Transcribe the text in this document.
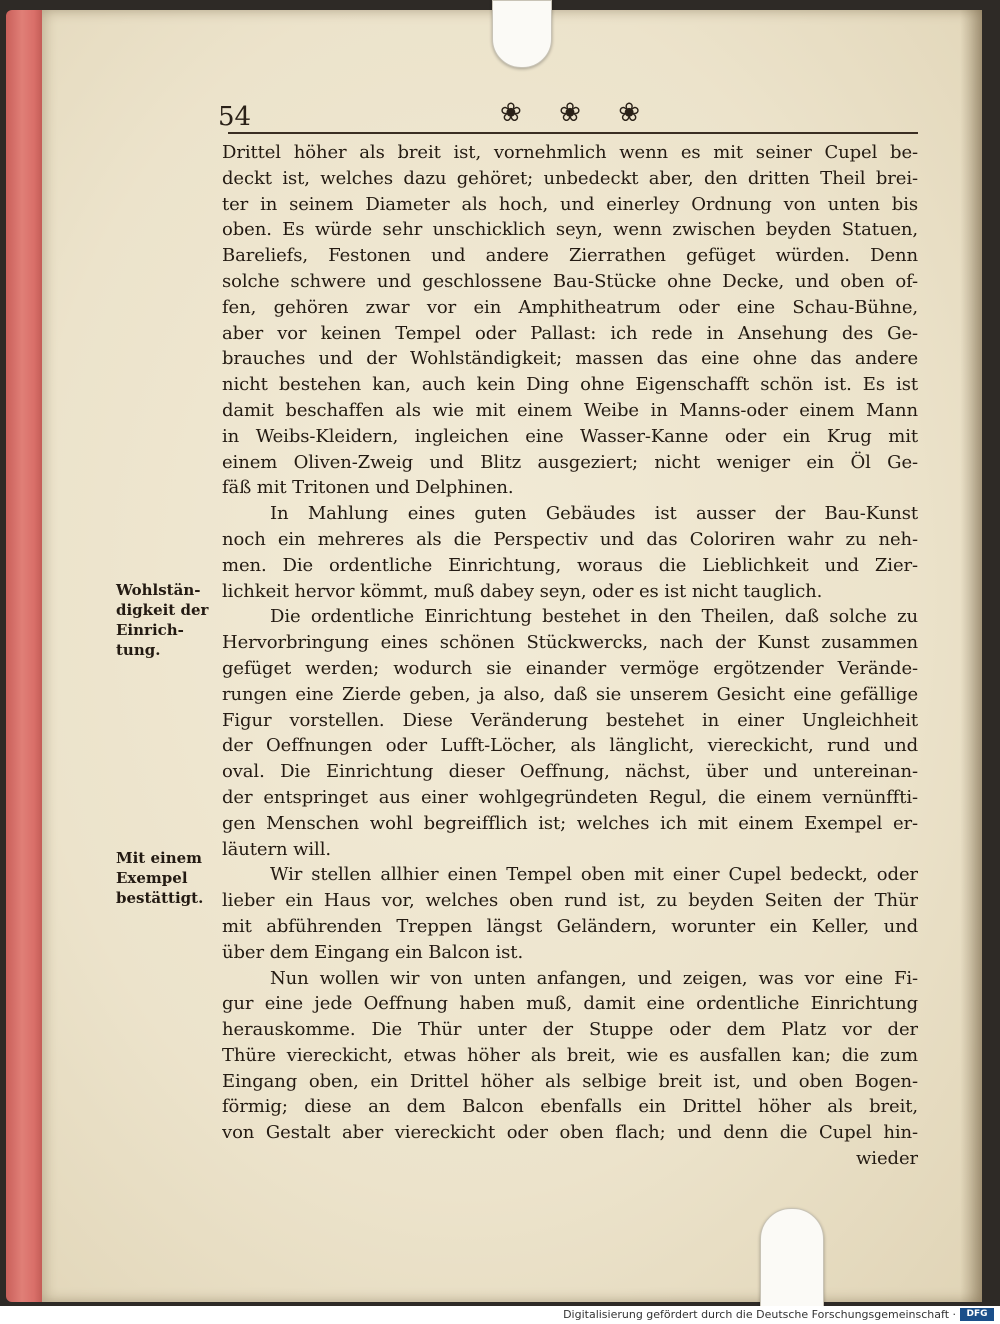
54	❀ ❀ ❀
Wohlstän-digkeit der Einrich-tung.
Mit einem Exempel bestättigt.
Drittel höher als breit ist, vornehmlich wenn es mit seiner Cupel be-
deckt ist, welches dazu gehöret; unbedeckt aber, den dritten Theil brei-
ter in seinem Diameter als hoch, und einerley Ordnung von unten bis
oben. Es würde sehr unschicklich seyn, wenn zwischen beyden Statuen,
Bareliefs, Festonen und andere Zierrathen gefüget würden. Denn
solche schwere und geschlossene Bau-Stücke ohne Decke, und oben of-
fen, gehören zwar vor ein Amphitheatrum oder eine Schau-Bühne,
aber vor keinen Tempel oder Pallast: ich rede in Ansehung des Ge-
brauches und der Wohlständigkeit; massen das eine ohne das andere
nicht bestehen kan, auch kein Ding ohne Eigenschafft schön ist. Es ist
damit beschaffen als wie mit einem Weibe in Manns-oder einem Mann
in Weibs-Kleidern, ingleichen eine Wasser-Kanne oder ein Krug mit
einem Oliven-Zweig und Blitz ausgeziert; nicht weniger ein Öl Ge-
fäß mit Tritonen und Delphinen.
In Mahlung eines guten Gebäudes ist ausser der Bau-Kunst
noch ein mehreres als die Perspectiv und das Coloriren wahr zu neh-
men. Die ordentliche Einrichtung, woraus die Lieblichkeit und Zier-
lichkeit hervor kömmt, muß dabey seyn, oder es ist nicht tauglich.
Die ordentliche Einrichtung bestehet in den Theilen, daß solche zu
Hervorbringung eines schönen Stückwercks, nach der Kunst zusammen
gefüget werden; wodurch sie einander vermöge ergötzender Verände-
rungen eine Zierde geben, ja also, daß sie unserem Gesicht eine gefällige
Figur vorstellen. Diese Veränderung bestehet in einer Ungleichheit
der Oeffnungen oder Lufft-Löcher, als länglicht, viereckicht, rund und
oval. Die Einrichtung dieser Oeffnung, nächst, über und untereinan-
der entspringet aus einer wohlgegründeten Regul, die einem vernünffti-
gen Menschen wohl begreifflich ist; welches ich mit einem Exempel er-
läutern will.
Wir stellen allhier einen Tempel oben mit einer Cupel bedeckt, oder
lieber ein Haus vor, welches oben rund ist, zu beyden Seiten der Thür
mit abführenden Treppen längst Geländern, worunter ein Keller, und
über dem Eingang ein Balcon ist.
Nun wollen wir von unten anfangen, und zeigen, was vor eine Fi-
gur eine jede Oeffnung haben muß, damit eine ordentliche Einrichtung
herauskomme. Die Thür unter der Stuppe oder dem Platz vor der
Thüre viereckicht, etwas höher als breit, wie es ausfallen kan; die zum
Eingang oben, ein Drittel höher als selbige breit ist, und oben Bogen-
förmig; diese an dem Balcon ebenfalls ein Drittel höher als breit,
von Gestalt aber viereckicht oder oben flach; und denn die Cupel hin-
wieder
Digitalisierung gefördert durch die Deutsche Forschungsgemeinschaft ·	DFG
